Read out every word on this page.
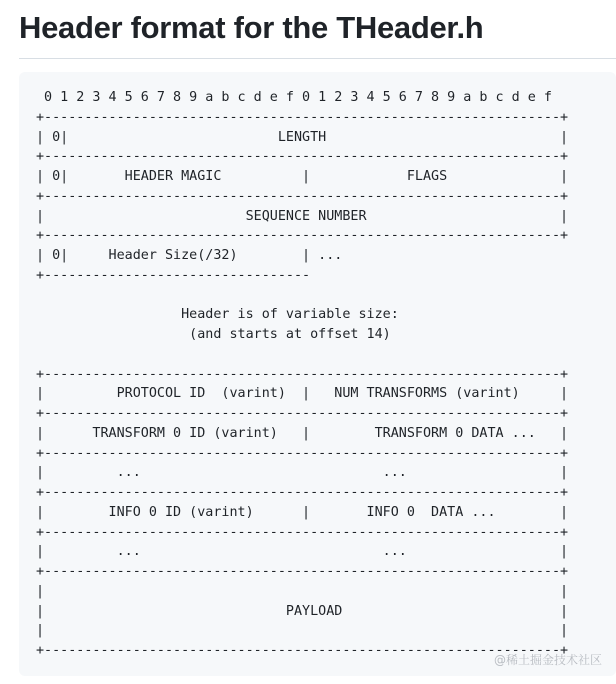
Header format for the THeader.h
0 1 2 3 4 5 6 7 8 9 a b c d e f 0 1 2 3 4 5 6 7 8 9 a b c d e f
+----------------------------------------------------------------+
| 0|                          LENGTH                             |
+----------------------------------------------------------------+
| 0|       HEADER MAGIC          |            FLAGS              |
+----------------------------------------------------------------+
|                         SEQUENCE NUMBER                        |
+----------------------------------------------------------------+
| 0|     Header Size(/32)        | ...
+---------------------------------

Header is of variable size:
(and starts at offset 14)

+----------------------------------------------------------------+
|         PROTOCOL ID  (varint)  |   NUM TRANSFORMS (varint)     |
+----------------------------------------------------------------+
|      TRANSFORM 0 ID (varint)   |        TRANSFORM 0 DATA ...   |
+----------------------------------------------------------------+
|         ...                              ...                   |
+----------------------------------------------------------------+
|        INFO 0 ID (varint)      |       INFO 0  DATA ...        |
+----------------------------------------------------------------+
|         ...                              ...                   |
+----------------------------------------------------------------+
|                                                                |
|                              PAYLOAD                           |
|                                                                |
+----------------------------------------------------------------+
@稀土掘金技术社区
